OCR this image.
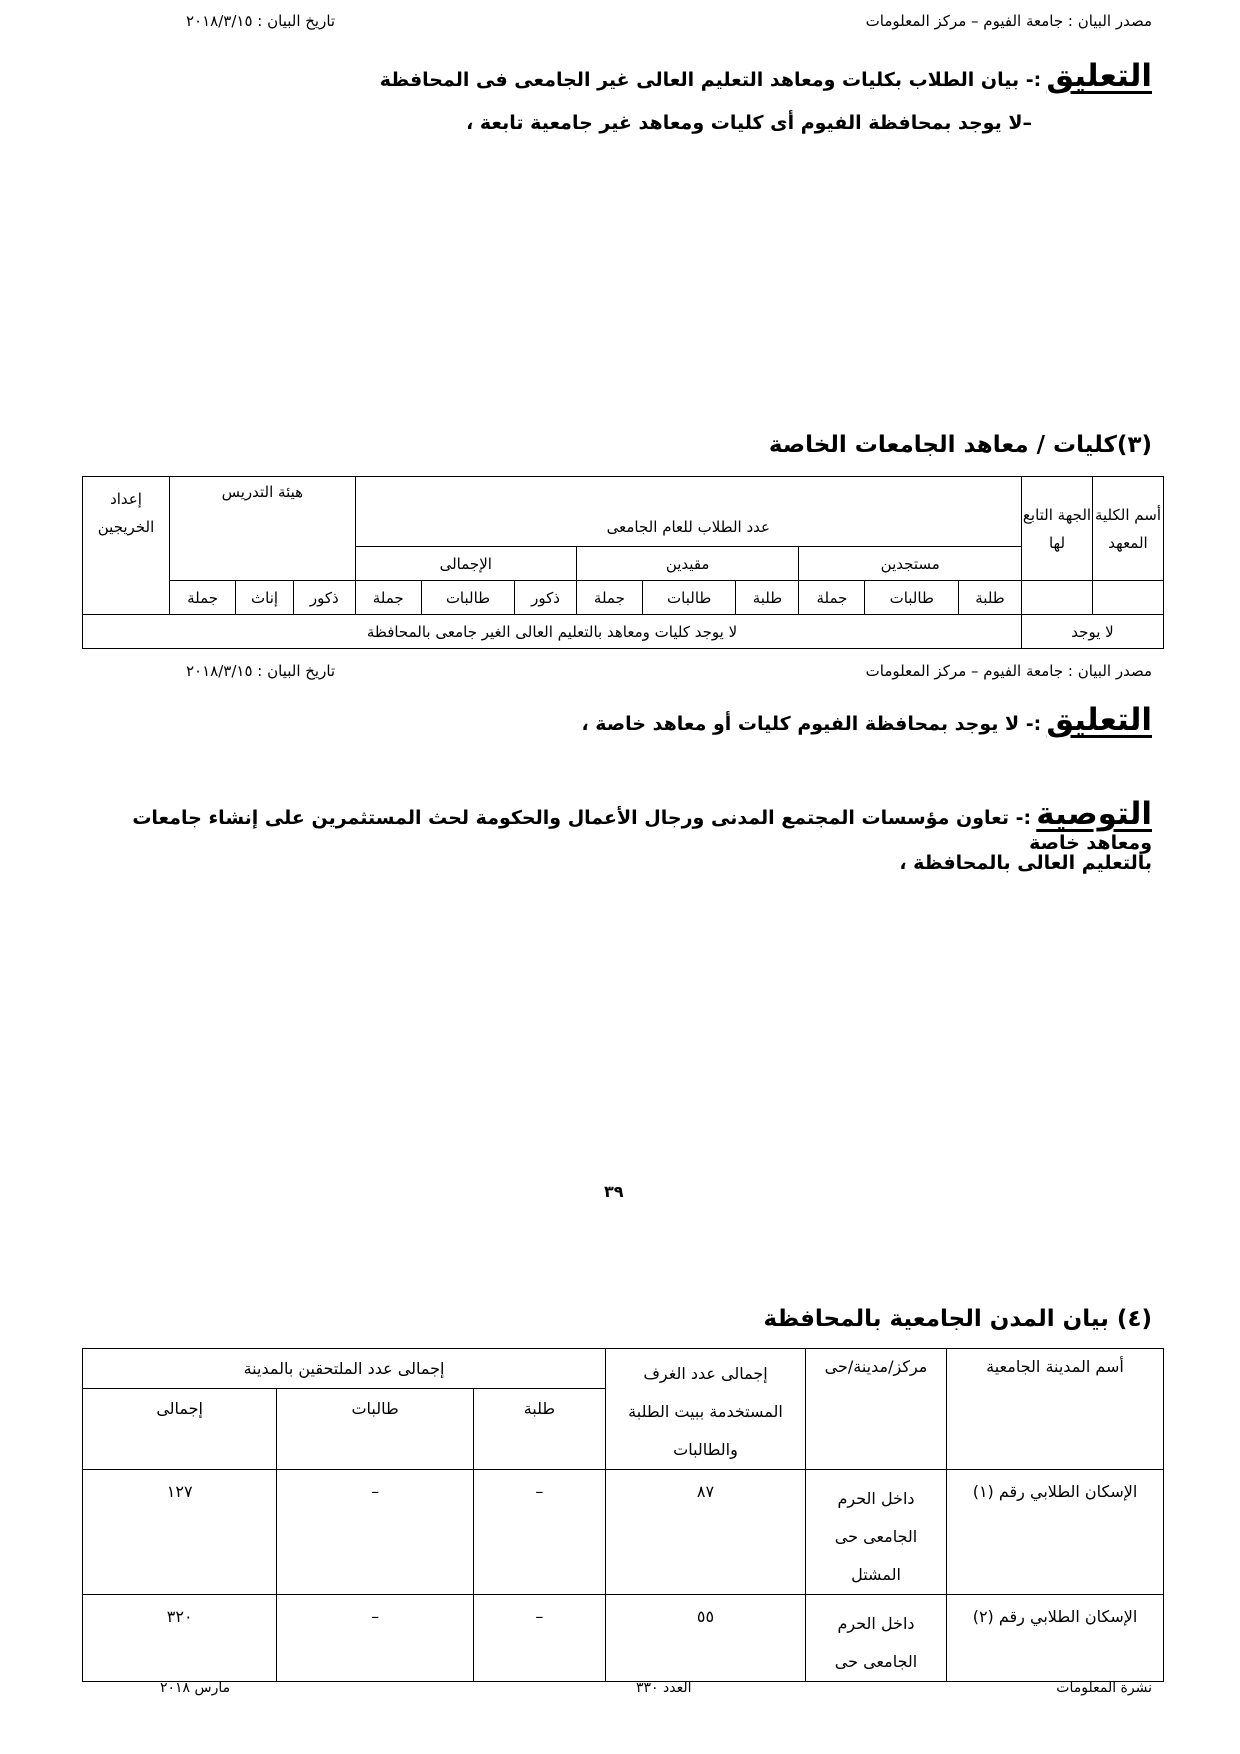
مصدر البيان : جامعة الفيوم – مركز المعلومات
تاريخ البيان : ٢٠١٨/٣/١٥
التعليق :- بيان الطلاب بكليات ومعاهد التعليم العالى غير الجامعى فى المحافظة
–لا يوجد بمحافظة الفيوم أى كليات ومعاهد غير جامعية تابعة ،
(٣)كليات / معاهد الجامعات الخاصة
أسم الكلية المعهد	الجهة التابع لها	عدد الطلاب للعام الجامعى									هيئة التدريس			إعداد الخريجين

		مستجدين			مقيدين			الإجمالى						
		طلبة	طالبات	جملة	طلبة	طالبات	جملة	ذكور	طالبات	جملة	ذكور	إناث	جملة	
لا يوجد		لا يوجد كليات ومعاهد بالتعليم العالى الغير جامعى بالمحافظة												
مصدر البيان : جامعة الفيوم – مركز المعلومات
تاريخ البيان : ٢٠١٨/٣/١٥
التعليق :- لا يوجد بمحافظة الفيوم كليات أو معاهد خاصة ،
التوصية :- تعاون مؤسسات المجتمع المدنى ورجال الأعمال والحكومة لحث المستثمرين على إنشاء جامعات ومعاهد خاصة
بالتعليم العالى بالمحافظة ،
٣٩
(٤) بيان المدن الجامعية بالمحافظة
أسم المدينة الجامعية	مركز/مدينة/حى	إجمالى عدد الغرف المستخدمة ببيت الطلبة والطالبات	إجمالى عدد الملتحقين بالمدينة		
			طلبة	طالبات	إجمالى
الإسكان الطلابي رقم (١)	داخل الحرم الجامعى حى المشتل	٨٧	–	–	١٢٧
الإسكان الطلابي رقم (٢)	داخل الحرم الجامعى حى	٥٥	–	–	٣٢٠
نشرة المعلومات
العدد ٣٣٠
مارس ٢٠١٨
